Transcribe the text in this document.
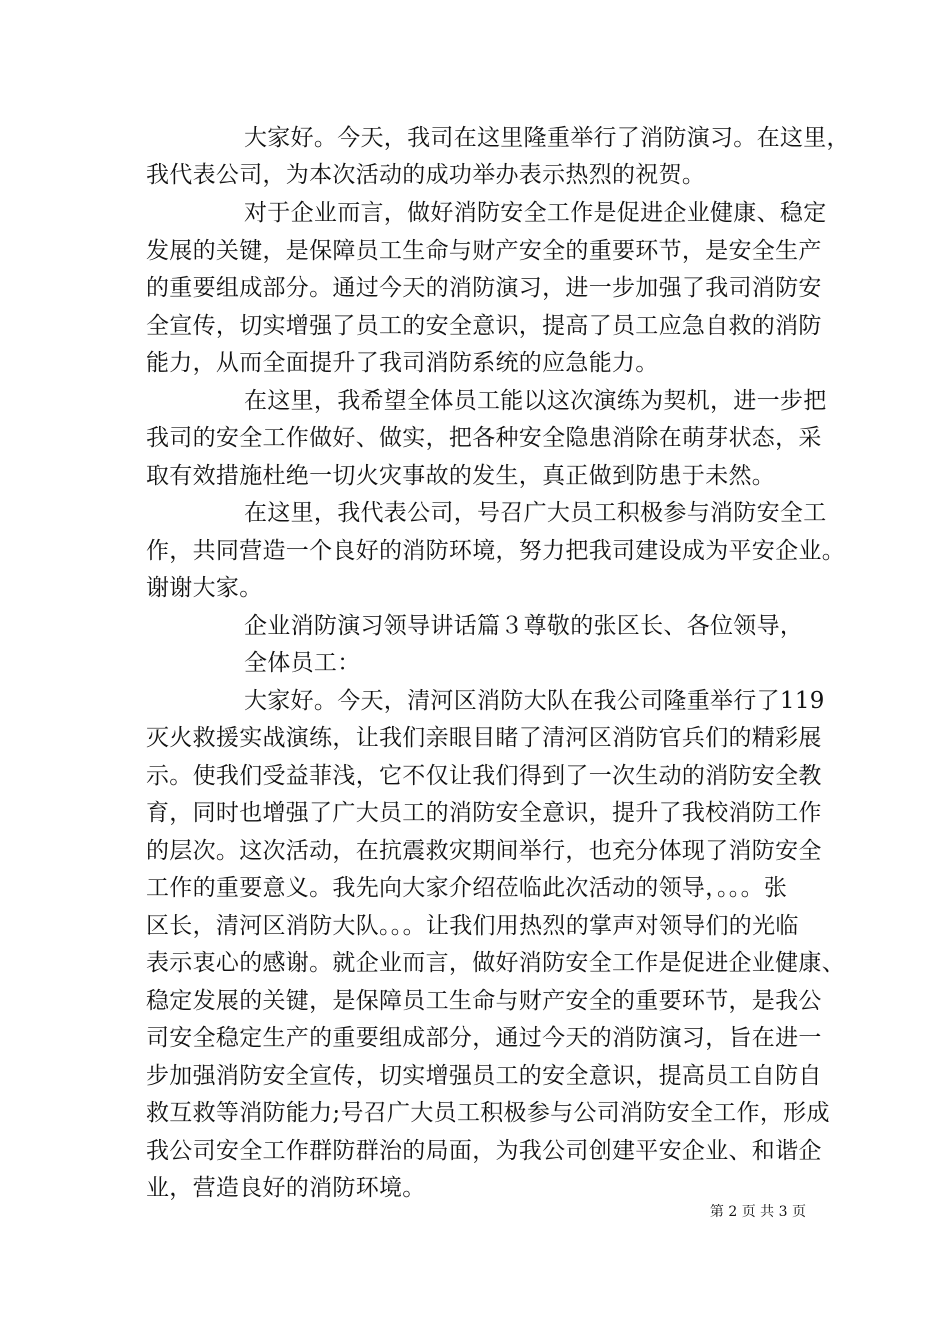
大家好。今天，我司在这里隆重举行了消防演习。在这里，
我代表公司，为本次活动的成功举办表示热烈的祝贺。
对于企业而言，做好消防安全工作是促进企业健康、稳定
发展的关键，是保障员工生命与财产安全的重要环节，是安全生产
的重要组成部分。通过今天的消防演习，进一步加强了我司消防安
全宣传，切实增强了员工的安全意识，提高了员工应急自救的消防
能力，从而全面提升了我司消防系统的应急能力。
在这里，我希望全体员工能以这次演练为契机，进一步把
我司的安全工作做好、做实，把各种安全隐患消除在萌芽状态，采
取有效措施杜绝一切火灾事故的发生，真正做到防患于未然。
在这里，我代表公司，号召广大员工积极参与消防安全工
作，共同营造一个良好的消防环境，努力把我司建设成为平安企业。
谢谢大家。
企业消防演习领导讲话篇３尊敬的张区长、各位领导，
全体员工：
大家好。今天，清河区消防大队在我公司隆重举行了119
灭火救援实战演练，让我们亲眼目睹了清河区消防官兵们的精彩展
示。使我们受益菲浅，它不仅让我们得到了一次生动的消防安全教
育，同时也增强了广大员工的消防安全意识，提升了我校消防工作
的层次。这次活动，在抗震救灾期间举行，也充分体现了消防安全
工作的重要意义。我先向大家介绍莅临此次活动的领导，。。。张
区长，清河区消防大队。。。让我们用热烈的掌声对领导们的光临
表示衷心的感谢。就企业而言，做好消防安全工作是促进企业健康、
稳定发展的关键，是保障员工生命与财产安全的重要环节，是我公
司安全稳定生产的重要组成部分，通过今天的消防演习，旨在进一
步加强消防安全宣传，切实增强员工的安全意识，提高员工自防自
救互救等消防能力;号召广大员工积极参与公司消防安全工作，形成
我公司安全工作群防群治的局面，为我公司创建平安企业、和谐企
业，营造良好的消防环境。
第 2 页 共 3 页
